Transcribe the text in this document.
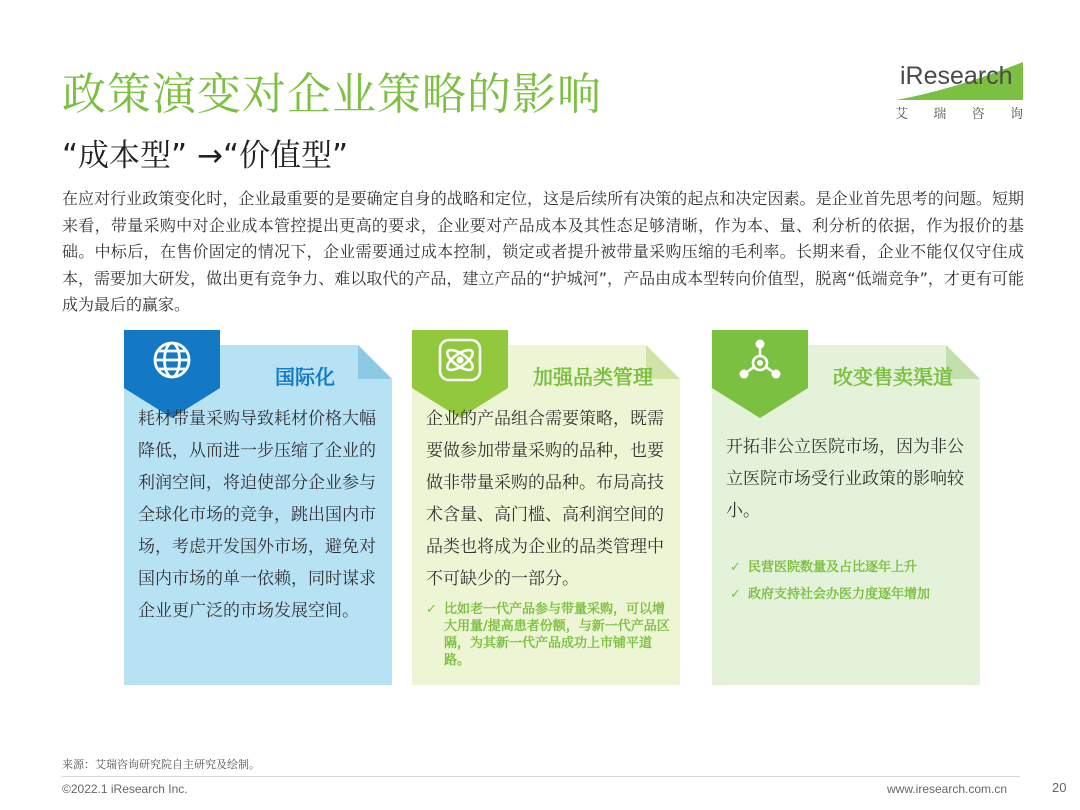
政策演变对企业策略的影响
“成本型” →“价值型”
iResearch
艾 瑞 咨 询
在应对行业政策变化时，企业最重要的是要确定自身的战略和定位，这是后续所有决策的起点和决定因素。是企业首先思考的问题。短期来看，带量采购中对企业成本管控提出更高的要求，企业要对产品成本及其性态足够清晰，作为本、量、利分析的依据，作为报价的基础。中标后，在售价固定的情况下，企业需要通过成本控制，锁定或者提升被带量采购压缩的毛利率。长期来看，企业不能仅仅守住成本，需要加大研发，做出更有竞争力、难以取代的产品，建立产品的“护城河”，产品由成本型转向价值型，脱离“低端竞争”，才更有可能成为最后的赢家。
国际化
耗材带量采购导致耗材价格大幅降低，从而进一步压缩了企业的利润空间，将迫使部分企业参与全球化市场的竞争，跳出国内市场，考虑开发国外市场，避免对国内市场的单一依赖，同时谋求企业更广泛的市场发展空间。
加强品类管理
企业的产品组合需要策略，既需要做参加带量采购的品种，也要做非带量采购的品种。布局高技术含量、高门槛、高利润空间的品类也将成为企业的品类管理中不可缺少的一部分。
✓ 比如老一代产品参与带量采购，可以增大用量/提高患者份额，与新一代产品区隔，为其新一代产品成功上市铺平道路。
改变售卖渠道
开拓非公立医院市场，因为非公立医院市场受行业政策的影响较小。
✓ 民营医院数量及占比逐年上升
✓ 政府支持社会办医力度逐年增加
来源：艾瑞咨询研究院自主研究及绘制。
©2022.1 iResearch Inc.	www.iresearch.com.cn	20
